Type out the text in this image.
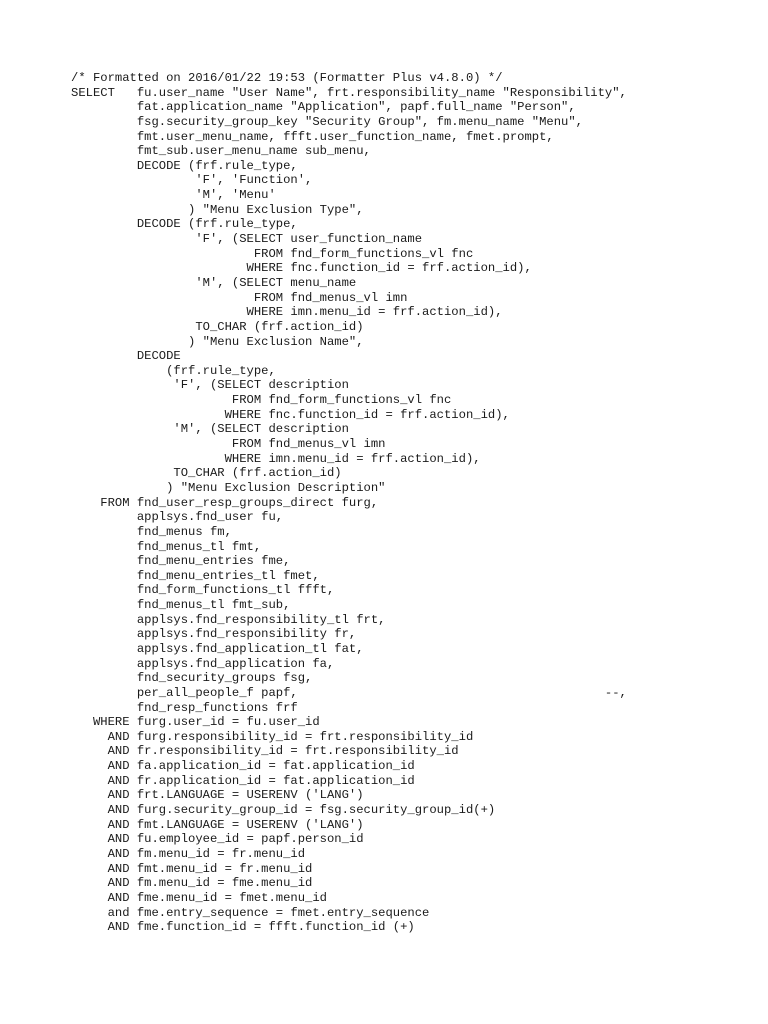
/* Formatted on 2016/01/22 19:53 (Formatter Plus v4.8.0) */
SELECT   fu.user_name "User Name", frt.responsibility_name "Responsibility",
fat.application_name "Application", papf.full_name "Person",
fsg.security_group_key "Security Group", fm.menu_name "Menu",
fmt.user_menu_name, ffft.user_function_name, fmet.prompt,
fmt_sub.user_menu_name sub_menu,
DECODE (frf.rule_type,
'F', 'Function',
'M', 'Menu'
) "Menu Exclusion Type",
DECODE (frf.rule_type,
'F', (SELECT user_function_name
FROM fnd_form_functions_vl fnc
WHERE fnc.function_id = frf.action_id),
'M', (SELECT menu_name
FROM fnd_menus_vl imn
WHERE imn.menu_id = frf.action_id),
TO_CHAR (frf.action_id)
) "Menu Exclusion Name",
DECODE
(frf.rule_type,
'F', (SELECT description
FROM fnd_form_functions_vl fnc
WHERE fnc.function_id = frf.action_id),
'M', (SELECT description
FROM fnd_menus_vl imn
WHERE imn.menu_id = frf.action_id),
TO_CHAR (frf.action_id)
) "Menu Exclusion Description"
FROM fnd_user_resp_groups_direct furg,
applsys.fnd_user fu,
fnd_menus fm,
fnd_menus_tl fmt,
fnd_menu_entries fme,
fnd_menu_entries_tl fmet,
fnd_form_functions_tl ffft,
fnd_menus_tl fmt_sub,
applsys.fnd_responsibility_tl frt,
applsys.fnd_responsibility fr,
applsys.fnd_application_tl fat,
applsys.fnd_application fa,
fnd_security_groups fsg,
per_all_people_f papf,                                          --,
fnd_resp_functions frf
WHERE furg.user_id = fu.user_id
AND furg.responsibility_id = frt.responsibility_id
AND fr.responsibility_id = frt.responsibility_id
AND fa.application_id = fat.application_id
AND fr.application_id = fat.application_id
AND frt.LANGUAGE = USERENV ('LANG')
AND furg.security_group_id = fsg.security_group_id(+)
AND fmt.LANGUAGE = USERENV ('LANG')
AND fu.employee_id = papf.person_id
AND fm.menu_id = fr.menu_id
AND fmt.menu_id = fr.menu_id
AND fm.menu_id = fme.menu_id
AND fme.menu_id = fmet.menu_id
and fme.entry_sequence = fmet.entry_sequence
AND fme.function_id = ffft.function_id (+)
